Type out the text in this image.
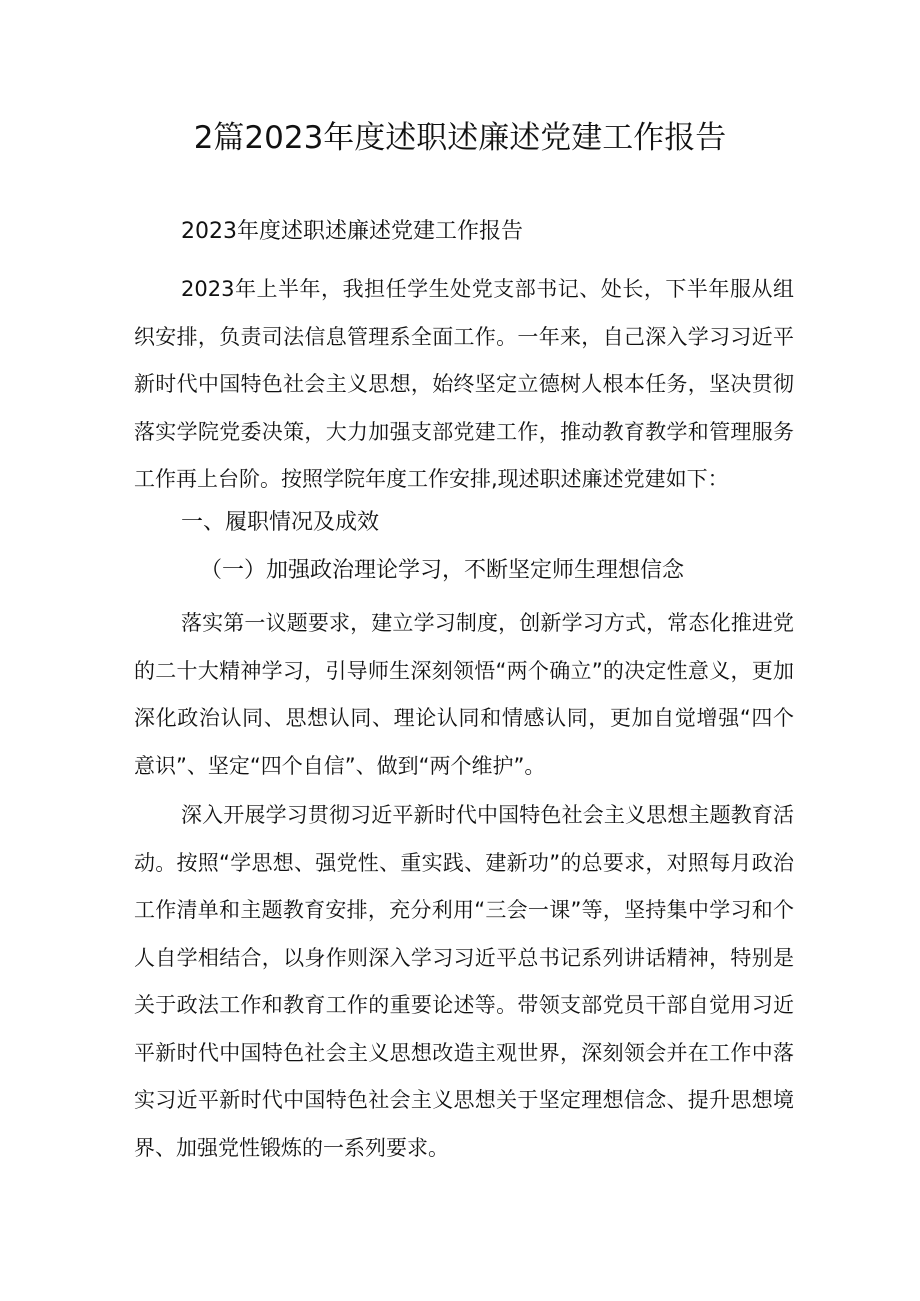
2篇2023年度述职述廉述党建工作报告
2023年度述职述廉述党建工作报告

2023年上半年，我担任学生处党支部书记、处长，下半年服从组织安排，负责司法信息管理系全面工作。一年来，自己深入学习习近平新时代中国特色社会主义思想，始终坚定立德树人根本任务，坚决贯彻落实学院党委决策，大力加强支部党建工作，推动教育教学和管理服务工作再上台阶。按照学院年度工作安排,现述职述廉述党建如下：

一、履职情况及成效
（一）加强政治理论学习，不断坚定师生理想信念

落实第一议题要求，建立学习制度，创新学习方式，常态化推进党的二十大精神学习，引导师生深刻领悟“两个确立”的决定性意义，更加深化政治认同、思想认同、理论认同和情感认同，更加自觉增强“四个意识”、坚定“四个自信”、做到“两个维护”。

深入开展学习贯彻习近平新时代中国特色社会主义思想主题教育活动。按照“学思想、强党性、重实践、建新功”的总要求，对照每月政治工作清单和主题教育安排，充分利用“三会一课”等，坚持集中学习和个人自学相结合，以身作则深入学习习近平总书记系列讲话精神，特别是关于政法工作和教育工作的重要论述等。带领支部党员干部自觉用习近平新时代中国特色社会主义思想改造主观世界，深刻领会并在工作中落实习近平新时代中国特色社会主义思想关于坚定理想信念、提升思想境界、加强党性锻炼的一系列要求。
